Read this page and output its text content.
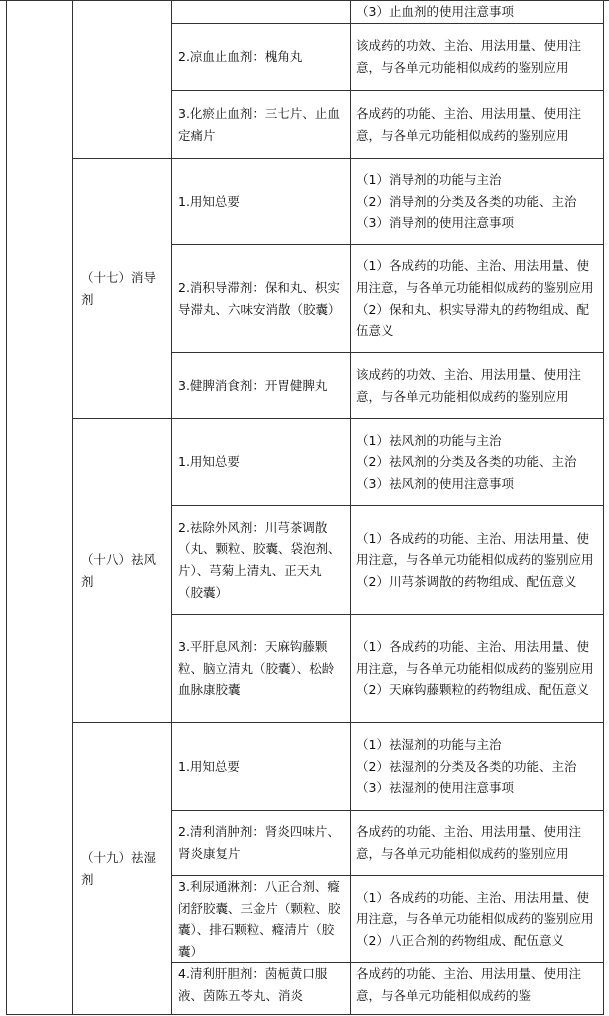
			（3）止血剂的使用注意事项

		2.凉血止血剂：槐角丸	该成药的功效、主治、用法用量、使用注意，与各单元功能相似成药的鉴别应用

		3.化瘀止血剂：三七片、止血定痛片	各成药的功能、主治、用法用量、使用注意，与各单元功能相似成药的鉴别应用

	（十七）消导剂	1.用知总要	（1）消导剂的功能与主治
（2）消导剂的分类及各类的功能、主治
（3）消导剂的使用注意事项

		2.消积导滞剂：保和丸、枳实导滞丸、六味安消散（胶囊）	（1）各成药的功能、主治、用法用量、使用注意，与各单元功能相似成药的鉴别应用
（2）保和丸、枳实导滞丸的药物组成、配伍意义

		3.健脾消食剂：开胃健脾丸	该成药的功效、主治、用法用量、使用注意，与各单元功能相似成药的鉴别应用

	（十八）祛风剂	1.用知总要	（1）祛风剂的功能与主治
（2）祛风剂的分类及各类的功能、主治
（3）祛风剂的使用注意事项

		2.祛除外风剂：川芎茶调散（丸、颗粒、胶囊、袋泡剂、片）、芎菊上清丸、正天丸（胶囊）	（1）各成药的功能、主治、用法用量、使用注意，与各单元功能相似成药的鉴别应用
（2）川芎茶调散的药物组成、配伍意义

		3.平肝息风剂：天麻钩藤颗粒、脑立清丸（胶囊）、松龄血脉康胶囊	（1）各成药的功能、主治、用法用量、使用注意，与各单元功能相似成药的鉴别应用
（2）天麻钩藤颗粒的药物组成、配伍意义

	（十九）祛湿剂	1.用知总要	（1）祛湿剂的功能与主治
（2）祛湿剂的分类及各类的功能、主治
（3）祛湿剂的使用注意事项

		2.清利消肿剂：肾炎四味片、肾炎康复片	各成药的功能、主治、用法用量、使用注意，与各单元功能相似成药的鉴别应用

		3.利尿通淋剂：八正合剂、癃闭舒胶囊、三金片（颗粒、胶囊）、排石颗粒、癃清片（胶囊）	（1）各成药的功能、主治、用法用量、使用注意，与各单元功能相似成药的鉴别应用
（2）八正合剂的药物组成、配伍意义

		4.清利肝胆剂：茵栀黄口服液、茵陈五苓丸、消炎	各成药的功能、主治、用法用量、使用注意，与各单元功能相似成药的鉴
